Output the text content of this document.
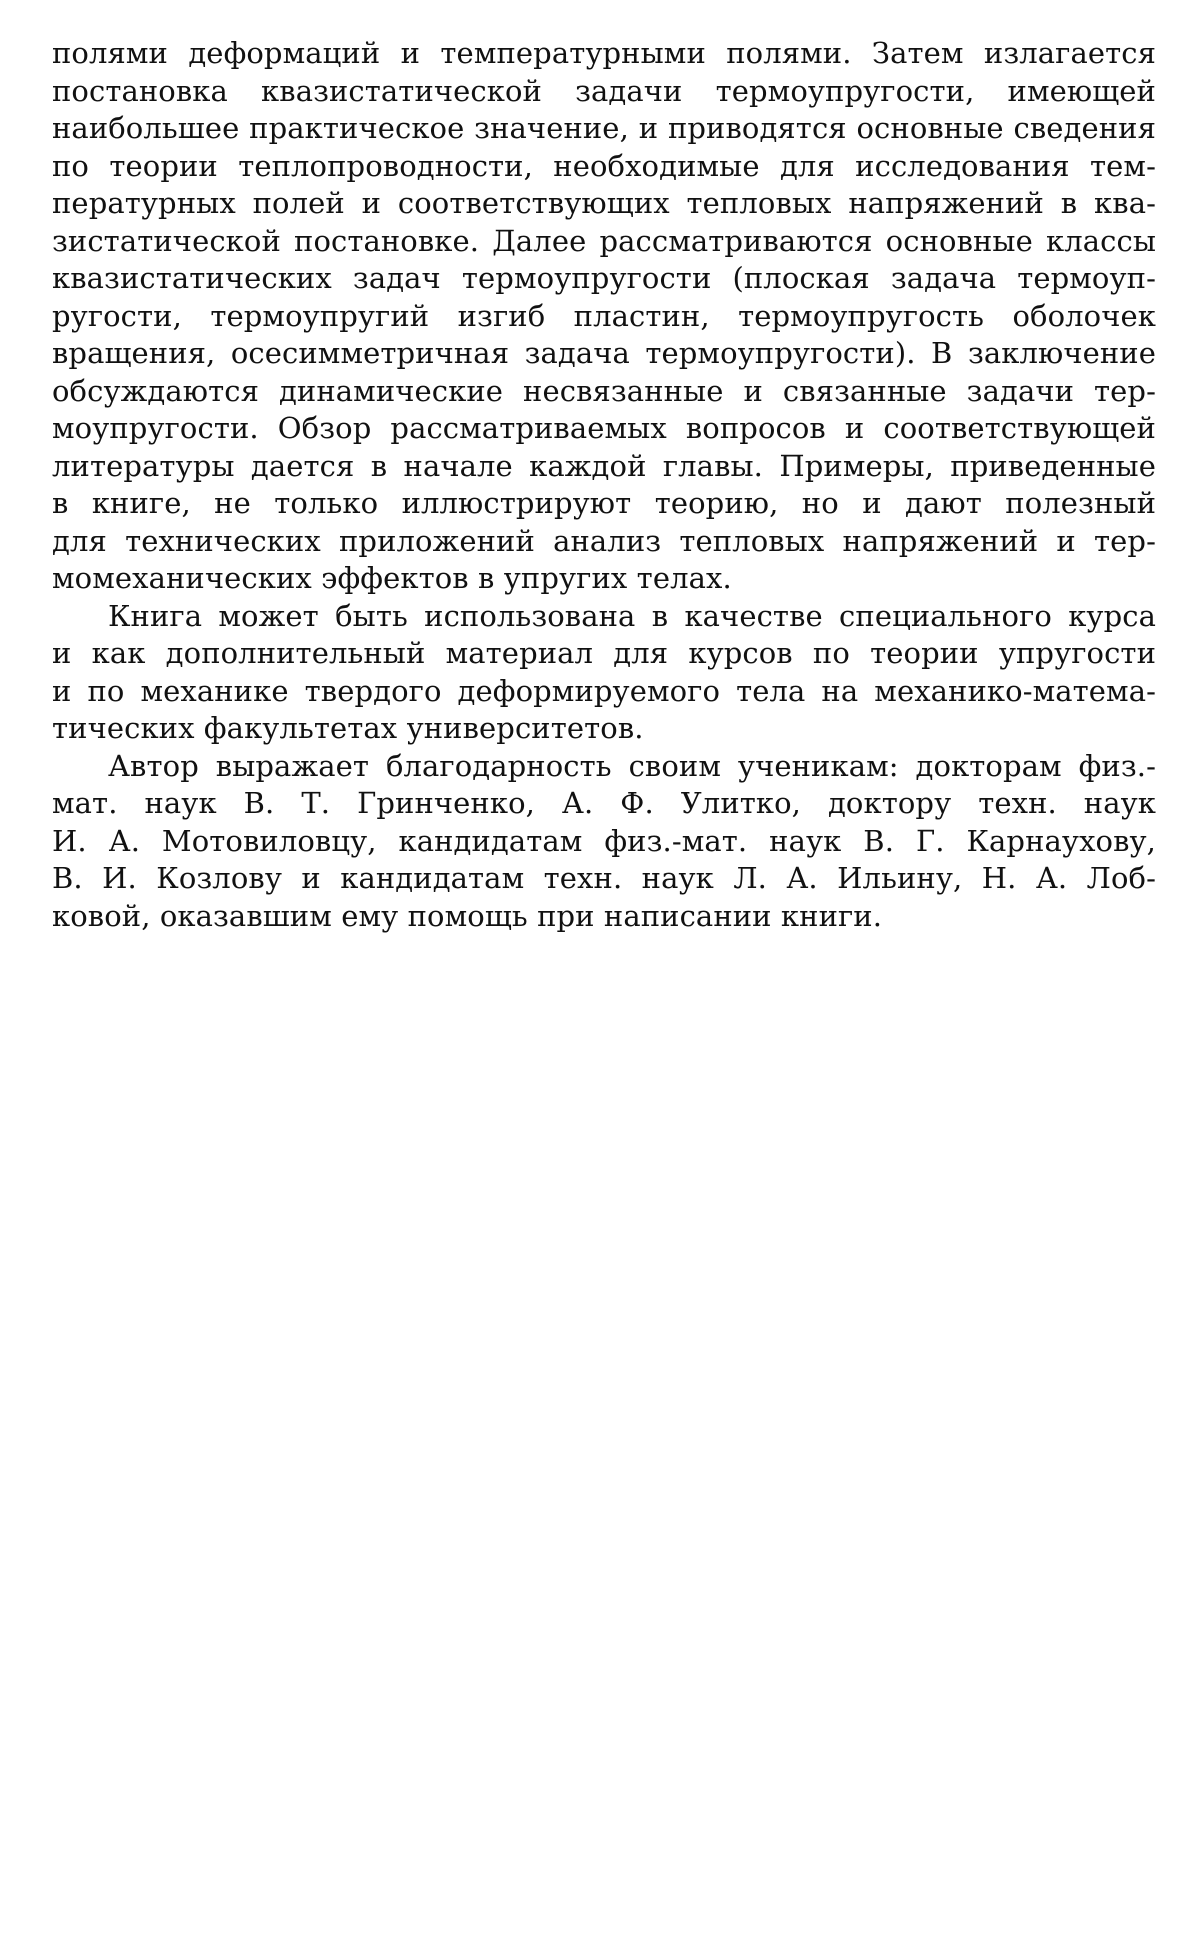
полями деформаций и температурными полями. Затем излагается
постановка квазистатической задачи термоупругости, имеющей
наибольшее практическое значение, и приводятся основные сведения
по теории теплопроводности, необходимые для исследования тем-
пературных полей и соответствующих тепловых напряжений в ква-
зистатической постановке. Далее рассматриваются основные классы
квазистатических задач термоупругости (плоская задача термоуп-
ругости, термоупругий изгиб пластин, термоупругость оболочек
вращения, осесимметричная задача термоупругости). В заключение
обсуждаются динамические несвязанные и связанные задачи тер-
моупругости. Обзор рассматриваемых вопросов и соответствующей
литературы дается в начале каждой главы. Примеры, приведенные
в книге, не только иллюстрируют теорию, но и дают полезный
для технических приложений анализ тепловых напряжений и тер-
момеханических эффектов в упругих телах.

Книга может быть использована в качестве специального курса
и как дополнительный материал для курсов по теории упругости
и по механике твердого деформируемого тела на механико-матема-
тических факультетах университетов.

Автор выражает благодарность своим ученикам: докторам физ.-
мат. наук В. Т. Гринченко, А. Ф. Улитко, доктору техн. наук
И. А. Мотовиловцу, кандидатам физ.-мат. наук В. Г. Карнаухову,
В. И. Козлову и кандидатам техн. наук Л. А. Ильину, Н. А. Лоб-
ковой, оказавшим ему помощь при написании книги.
